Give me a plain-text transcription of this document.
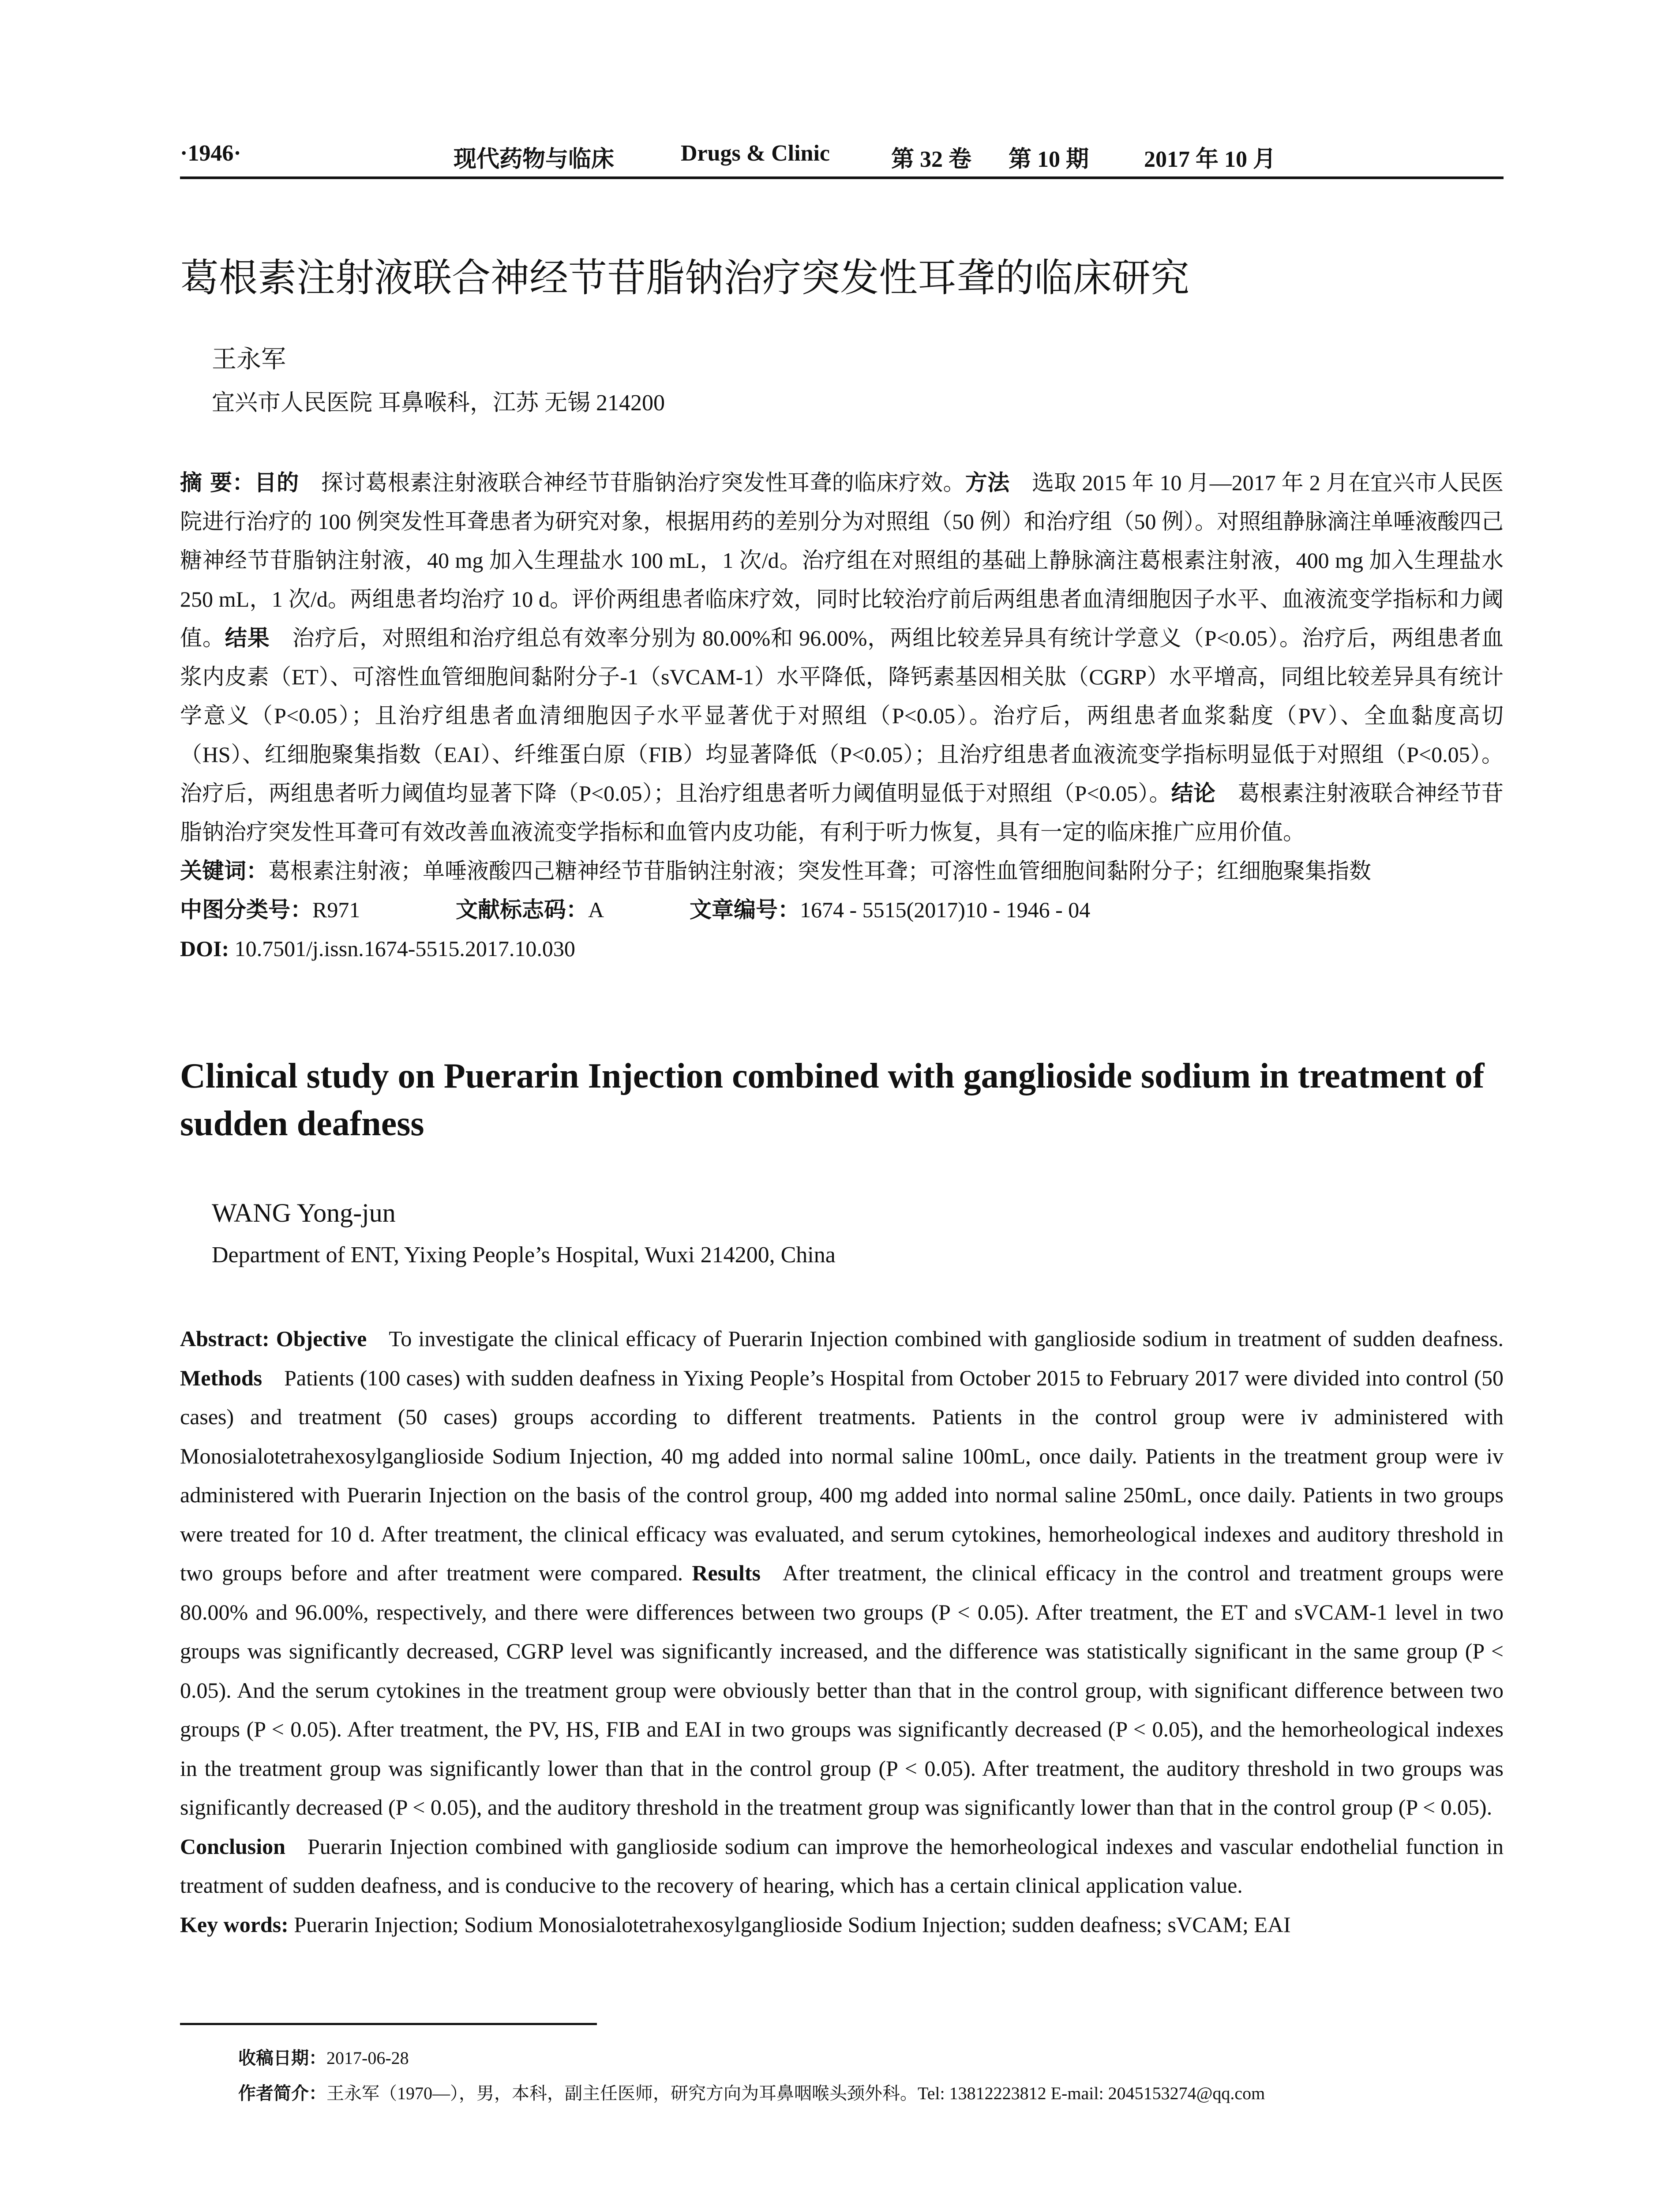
·1946·	现代药物与临床	Drugs & Clinic	第 32 卷 第 10 期 2017 年 10 月
葛根素注射液联合神经节苷脂钠治疗突发性耳聋的临床研究
王永军
宜兴市人民医院 耳鼻喉科，江苏 无锡 214200

摘 要：目的  探讨葛根素注射液联合神经节苷脂钠治疗突发性耳聋的临床疗效。方法  选取 2015 年 10 月—2017 年 2 月在宜兴市人民医院进行治疗的 100 例突发性耳聋患者为研究对象，根据用药的差别分为对照组（50 例）和治疗组（50 例）。对照组静脉滴注单唾液酸四己糖神经节苷脂钠注射液，40 mg 加入生理盐水 100 mL，1 次/d。治疗组在对照组的基础上静脉滴注葛根素注射液，400 mg 加入生理盐水 250 mL，1 次/d。两组患者均治疗 10 d。评价两组患者临床疗效，同时比较治疗前后两组患者血清细胞因子水平、血液流变学指标和力阈值。结果  治疗后，对照组和治疗组总有效率分别为 80.00%和 96.00%，两组比较差异具有统计学意义（P<0.05）。治疗后，两组患者血浆内皮素（ET）、可溶性血管细胞间黏附分子-1（sVCAM-1）水平降低，降钙素基因相关肽（CGRP）水平增高，同组比较差异具有统计学意义（P<0.05）；且治疗组患者血清细胞因子水平显著优于对照组（P<0.05）。治疗后，两组患者血浆黏度（PV）、全血黏度高切（HS）、红细胞聚集指数（EAI）、纤维蛋白原（FIB）均显著降低（P<0.05）；且治疗组患者血液流变学指标明显低于对照组（P<0.05）。治疗后，两组患者听力阈值均显著下降（P<0.05）；且治疗组患者听力阈值明显低于对照组（P<0.05）。结论  葛根素注射液联合神经节苷脂钠治疗突发性耳聋可有效改善血液流变学指标和血管内皮功能，有利于听力恢复，具有一定的临床推广应用价值。

关键词：葛根素注射液；单唾液酸四己糖神经节苷脂钠注射液；突发性耳聋；可溶性血管细胞间黏附分子；红细胞聚集指数

中图分类号：R971	文献标志码：A	文章编号：1674 - 5515(2017)10 - 1946 - 04

DOI: 10.7501/j.issn.1674-5515.2017.10.030

Clinical study on Puerarin Injection combined with ganglioside sodium in treatment of sudden deafness
WANG Yong-jun
Department of ENT, Yixing People’s Hospital, Wuxi 214200, China

Abstract: Objective  To investigate the clinical efficacy of Puerarin Injection combined with ganglioside sodium in treatment of sudden deafness. Methods  Patients (100 cases) with sudden deafness in Yixing People’s Hospital from October 2015 to February 2017 were divided into control (50 cases) and treatment (50 cases) groups according to different treatments. Patients in the control group were iv administered with Monosialotetrahexosylganglioside Sodium Injection, 40 mg added into normal saline 100mL, once daily. Patients in the treatment group were iv administered with Puerarin Injection on the basis of the control group, 400 mg added into normal saline 250mL, once daily. Patients in two groups were treated for 10 d. After treatment, the clinical efficacy was evaluated, and serum cytokines, hemorheological indexes and auditory threshold in two groups before and after treatment were compared. Results  After treatment, the clinical efficacy in the control and treatment groups were 80.00% and 96.00%, respectively, and there were differences between two groups (P < 0.05). After treatment, the ET and sVCAM-1 level in two groups was significantly decreased, CGRP level was significantly increased, and the difference was statistically significant in the same group (P < 0.05). And the serum cytokines in the treatment group were obviously better than that in the control group, with significant difference between two groups (P < 0.05). After treatment, the PV, HS, FIB and EAI in two groups was significantly decreased (P < 0.05), and the hemorheological indexes in the treatment group was significantly lower than that in the control group (P < 0.05). After treatment, the auditory threshold in two groups was significantly decreased (P < 0.05), and the auditory threshold in the treatment group was significantly lower than that in the control group (P < 0.05).
Conclusion  Puerarin Injection combined with ganglioside sodium can improve the hemorheological indexes and vascular endothelial function in treatment of sudden deafness, and is conducive to the recovery of hearing, which has a certain clinical application value.

Key words: Puerarin Injection; Sodium Monosialotetrahexosylganglioside Sodium Injection; sudden deafness; sVCAM; EAI

收稿日期：2017-06-28

作者简介：王永军（1970—），男，本科，副主任医师，研究方向为耳鼻咽喉头颈外科。Tel: 13812223812 E-mail: 2045153274@qq.com
